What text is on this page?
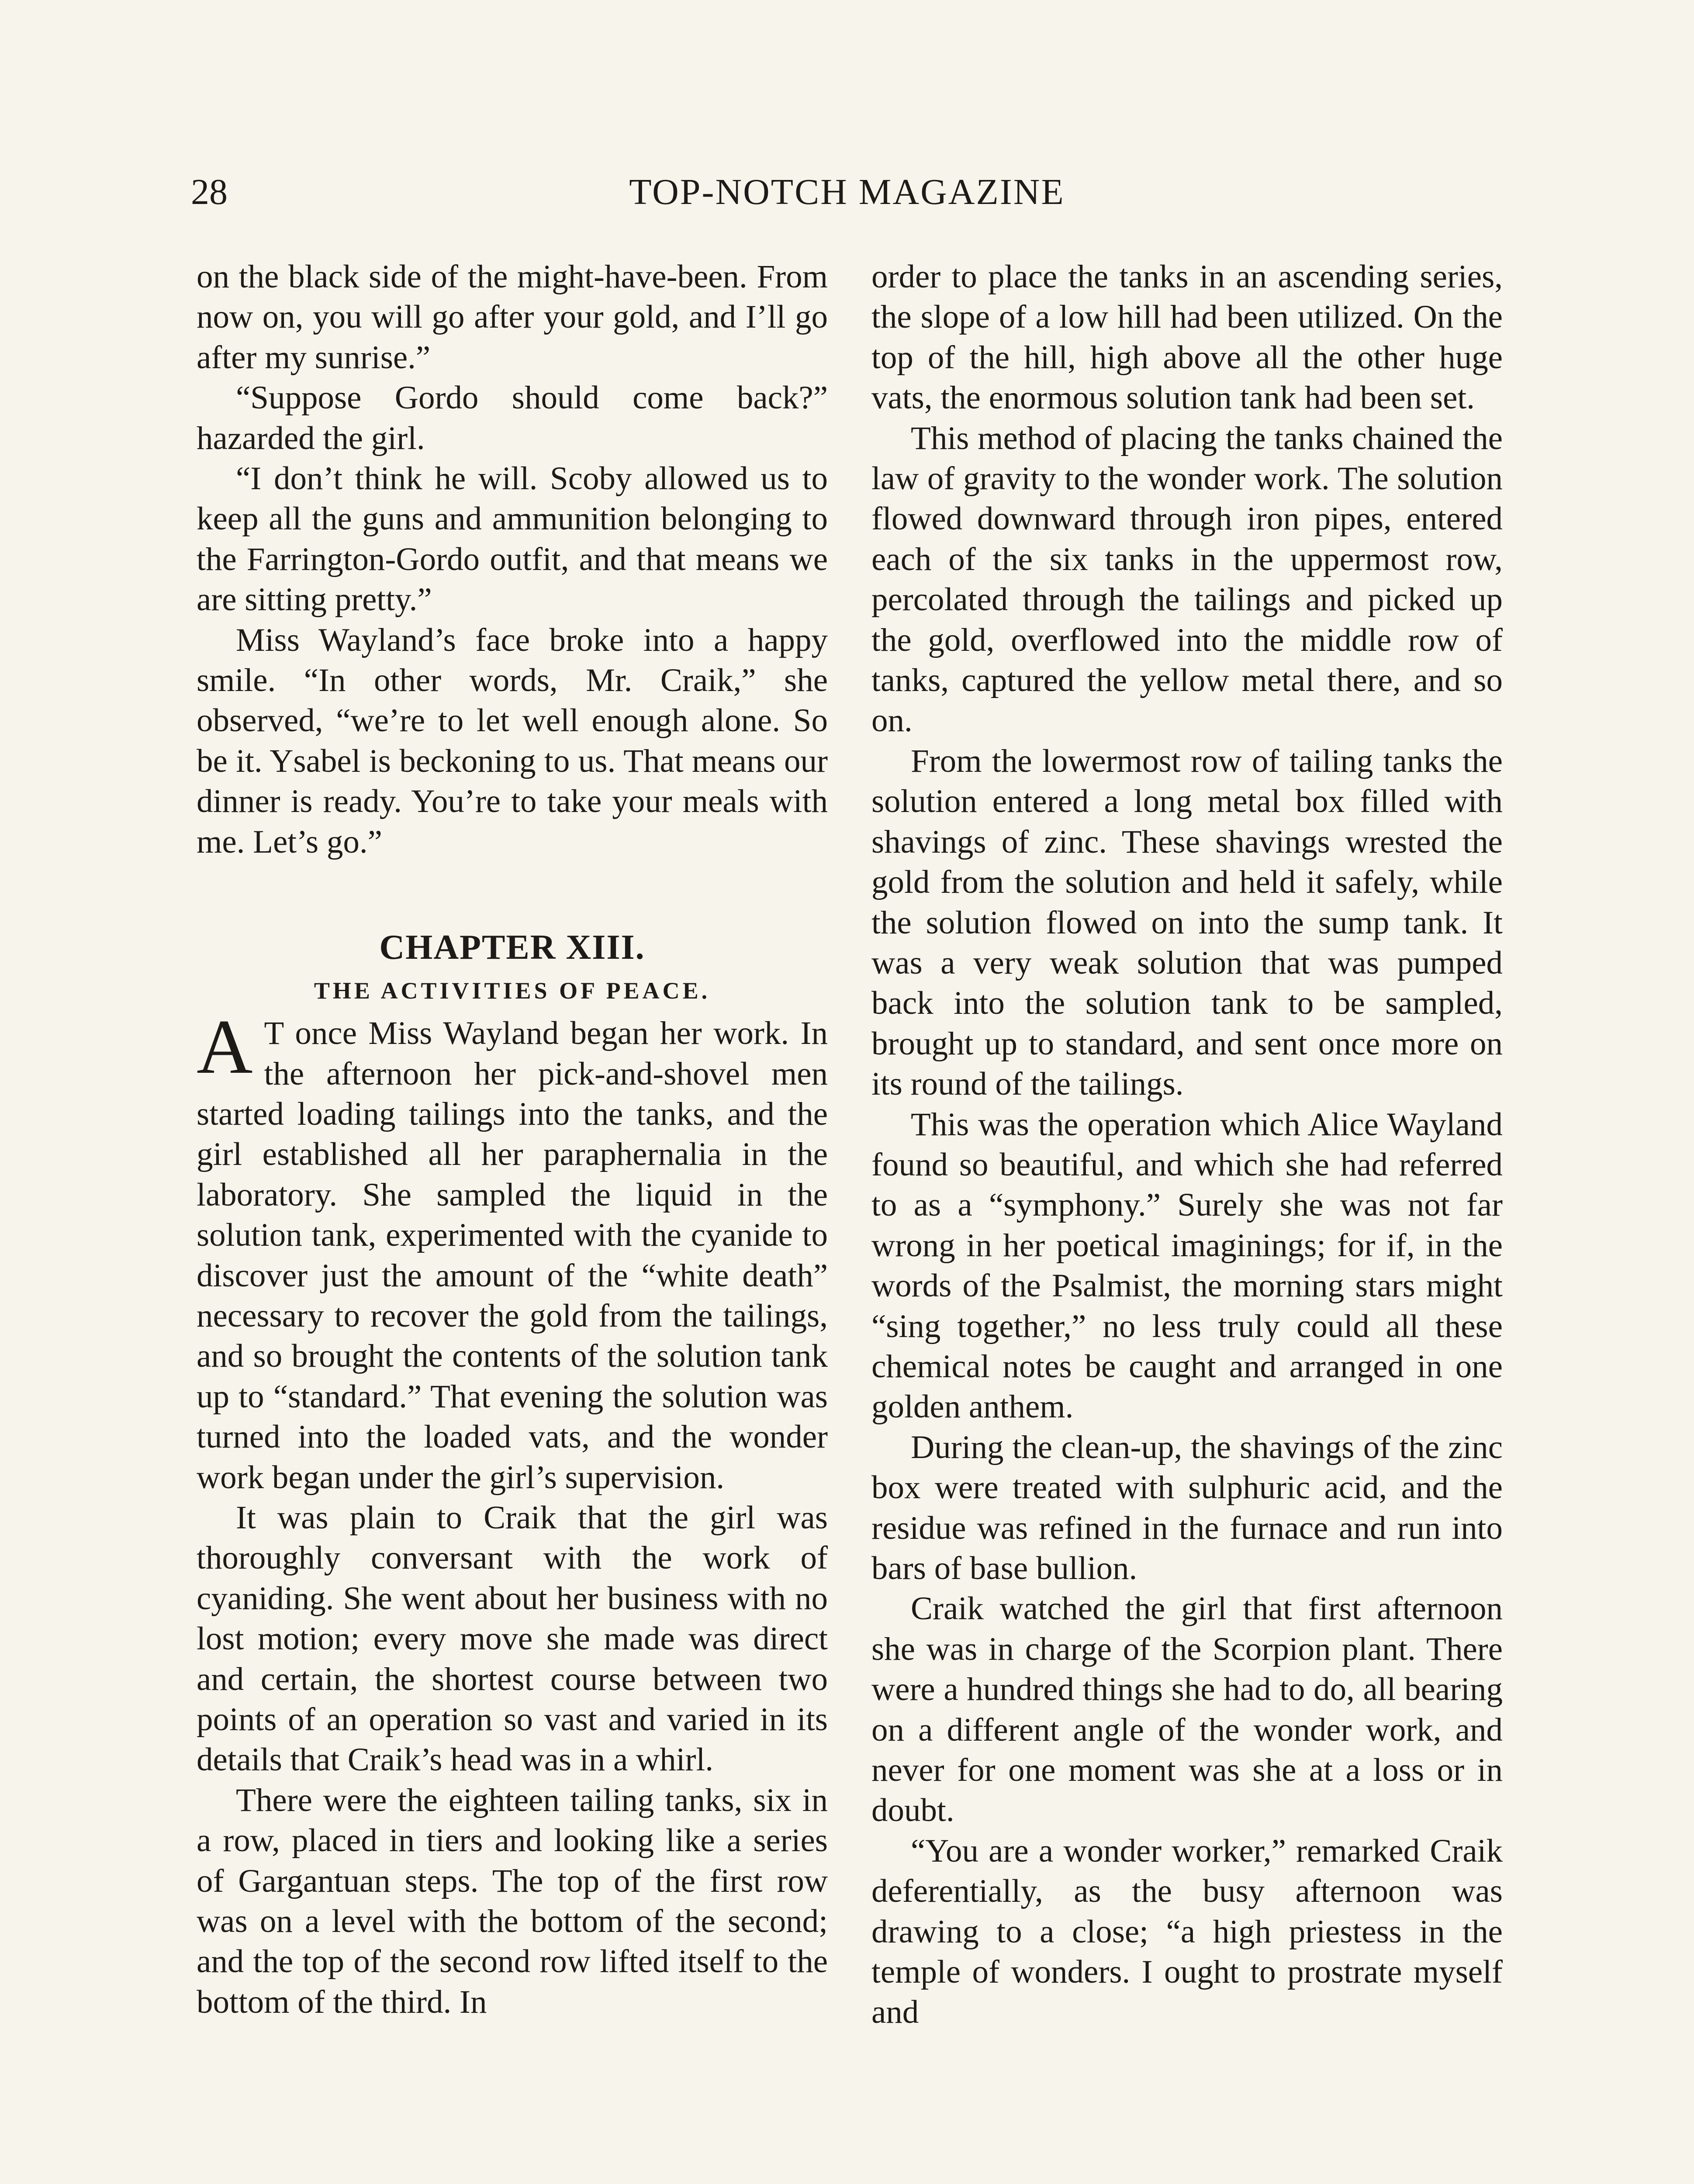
28	TOP-NOTCH MAGAZINE

on the black side of the might-have-been. From now on, you will go after your gold, and I’ll go after my sunrise.”

“Suppose Gordo should come back?” hazarded the girl.

“I don’t think he will. Scoby allowed us to keep all the guns and ammunition belonging to the Farrington-Gordo outfit, and that means we are sitting pretty.”

Miss Wayland’s face broke into a happy smile. “In other words, Mr. Craik,” she observed, “we’re to let well enough alone. So be it. Ysabel is beckoning to us. That means our dinner is ready. You’re to take your meals with me. Let’s go.”

CHAPTER XIII.
THE ACTIVITIES OF PEACE.

A T once Miss Wayland began her work. In the afternoon her pick-and-shovel men started loading tailings into the tanks, and the girl established all her paraphernalia in the laboratory. She sampled the liquid in the solution tank, experimented with the cyanide to discover just the amount of the “white death” necessary to recover the gold from the tailings, and so brought the contents of the solution tank up to “standard.” That evening the solution was turned into the loaded vats, and the wonder work began under the girl’s supervision.

It was plain to Craik that the girl was thoroughly conversant with the work of cyaniding. She went about her business with no lost motion; every move she made was direct and certain, the shortest course between two points of an operation so vast and varied in its details that Craik’s head was in a whirl.

There were the eighteen tailing tanks, six in a row, placed in tiers and looking like a series of Gargantuan steps. The top of the first row was on a level with the bottom of the second; and the top of the second row lifted itself to the bottom of the third. In

order to place the tanks in an ascending series, the slope of a low hill had been utilized. On the top of the hill, high above all the other huge vats, the enormous solution tank had been set.

This method of placing the tanks chained the law of gravity to the wonder work. The solution flowed downward through iron pipes, entered each of the six tanks in the uppermost row, percolated through the tailings and picked up the gold, overflowed into the middle row of tanks, captured the yellow metal there, and so on.

From the lowermost row of tailing tanks the solution entered a long metal box filled with shavings of zinc. These shavings wrested the gold from the solution and held it safely, while the solution flowed on into the sump tank. It was a very weak solution that was pumped back into the solution tank to be sampled, brought up to standard, and sent once more on its round of the tailings.

This was the operation which Alice Wayland found so beautiful, and which she had referred to as a “symphony.” Surely she was not far wrong in her poetical imaginings; for if, in the words of the Psalmist, the morning stars might “sing together,” no less truly could all these chemical notes be caught and arranged in one golden anthem.

During the clean-up, the shavings of the zinc box were treated with sulphuric acid, and the residue was refined in the furnace and run into bars of base bullion.

Craik watched the girl that first afternoon she was in charge of the Scorpion plant. There were a hundred things she had to do, all bearing on a different angle of the wonder work, and never for one moment was she at a loss or in doubt.

“You are a wonder worker,” remarked Craik deferentially, as the busy afternoon was drawing to a close; “a high priestess in the temple of wonders. I ought to prostrate myself and
